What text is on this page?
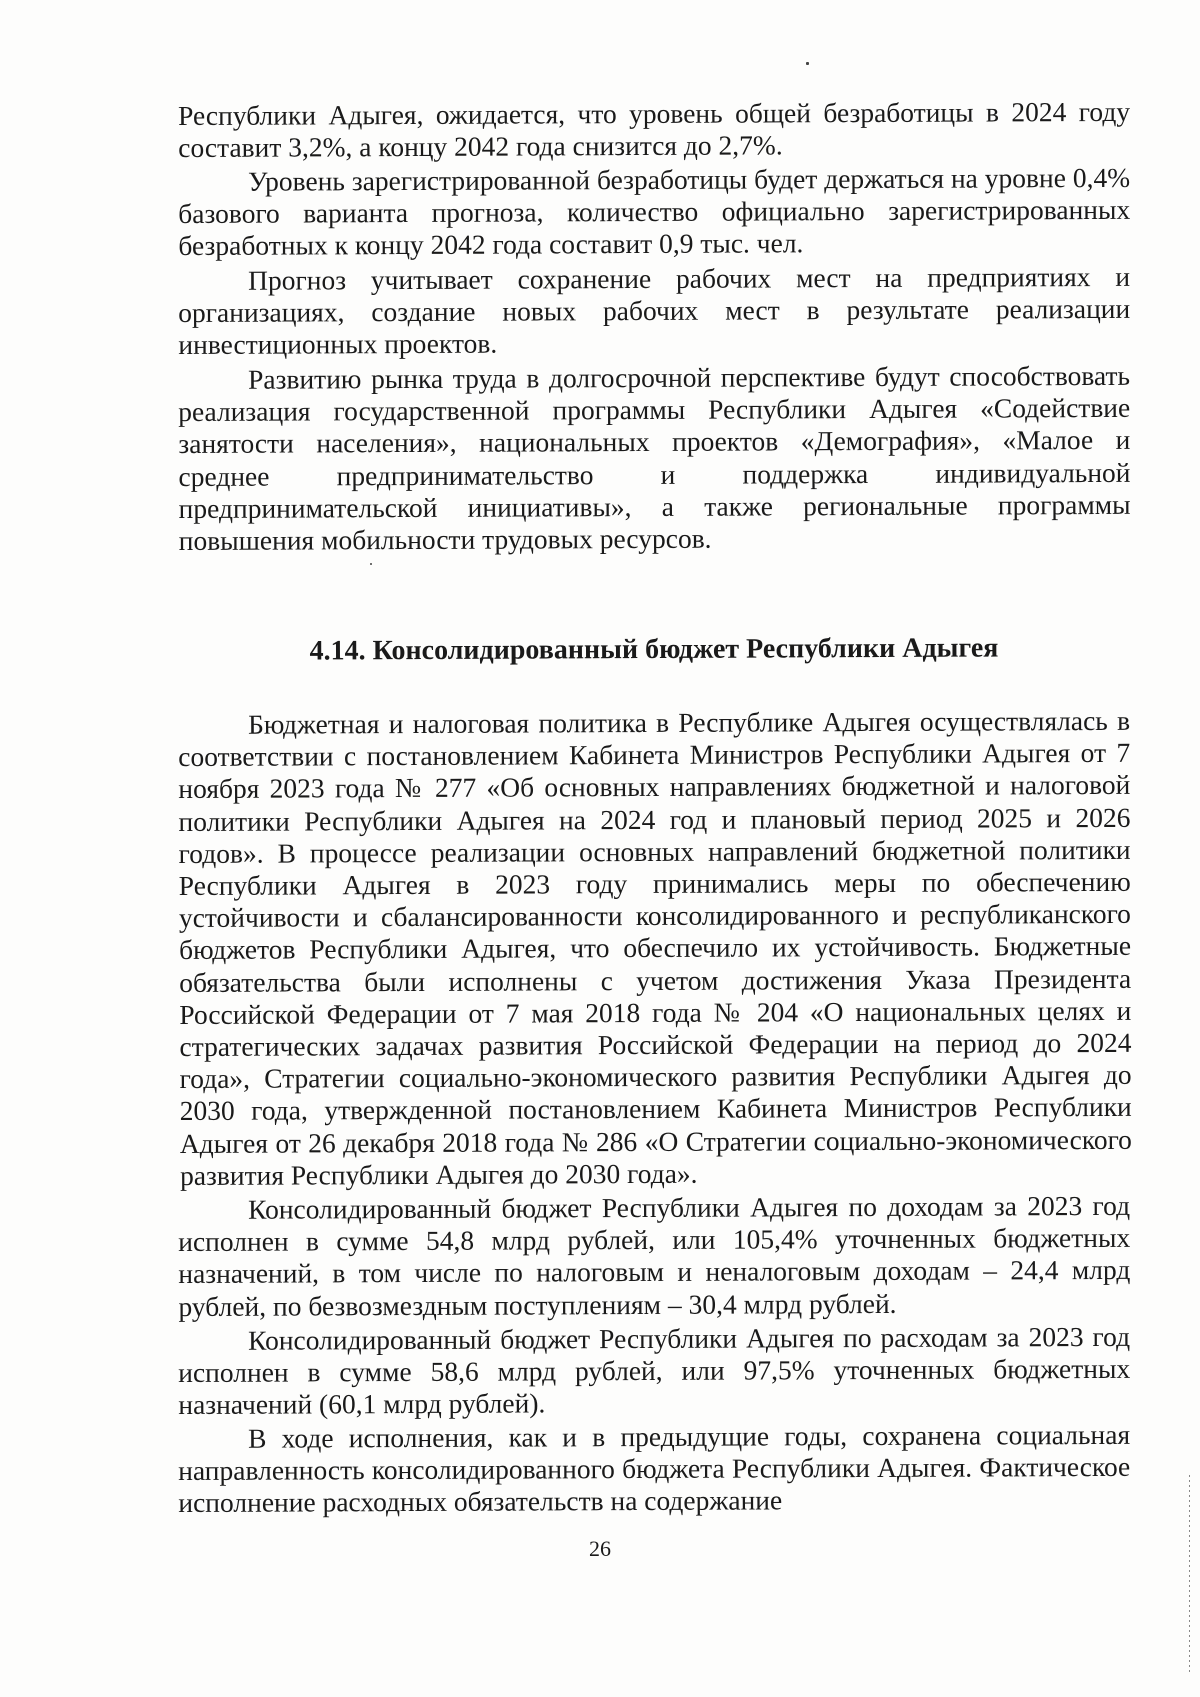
Республики Адыгея, ожидается, что уровень общей безработицы в 2024 году составит 3,2%, а концу 2042 года снизится до 2,7%.

Уровень зарегистрированной безработицы будет держаться на уровне 0,4% базового варианта прогноза, количество официально зарегистрированных безработных к концу 2042 года составит 0,9 тыс. чел.

Прогноз учитывает сохранение рабочих мест на предприятиях и организациях, создание новых рабочих мест в результате реализации инвестиционных проектов.

Развитию рынка труда в долгосрочной перспективе будут способствовать реализация государственной программы Республики Адыгея «Содействие занятости населения», национальных проектов «Демография», «Малое и среднее предпринимательство и поддержка индивидуальной предпринимательской инициативы», а также региональные программы повышения мобильности трудовых ресурсов.

4.14. Консолидированный бюджет Республики Адыгея

Бюджетная и налоговая политика в Республике Адыгея осуществлялась в соответствии с постановлением Кабинета Министров Республики Адыгея от 7 ноября 2023 года № 277 «Об основных направлениях бюджетной и налоговой политики Республики Адыгея на 2024 год и плановый период 2025 и 2026 годов». В процессе реализации основных направлений бюджетной политики Республики Адыгея в 2023 году принимались меры по обеспечению устойчивости и сбалансированности консолидированного и республиканского бюджетов Республики Адыгея, что обеспечило их устойчивость. Бюджетные обязательства были исполнены с учетом достижения Указа Президента Российской Федерации от 7 мая 2018 года № 204 «О национальных целях и стратегических задачах развития Российской Федерации на период до 2024 года», Стратегии социально-экономического развития Республики Адыгея до 2030 года, утвержденной постановлением Кабинета Министров Республики Адыгея от 26 декабря 2018 года № 286 «О Стратегии социально-экономического развития Республики Адыгея до 2030 года».

Консолидированный бюджет Республики Адыгея по доходам за 2023 год исполнен в сумме 54,8 млрд рублей, или 105,4% уточненных бюджетных назначений, в том числе по налоговым и неналоговым доходам – 24,4 млрд рублей, по безвозмездным поступлениям – 30,4 млрд рублей.

Консолидированный бюджет Республики Адыгея по расходам за 2023 год исполнен в сумме 58,6 млрд рублей, или 97,5% уточненных бюджетных назначений (60,1 млрд рублей).

В ходе исполнения, как и в предыдущие годы, сохранена социальная направленность консолидированного бюджета Республики Адыгея. Фактическое исполнение расходных обязательств на содержание

26
